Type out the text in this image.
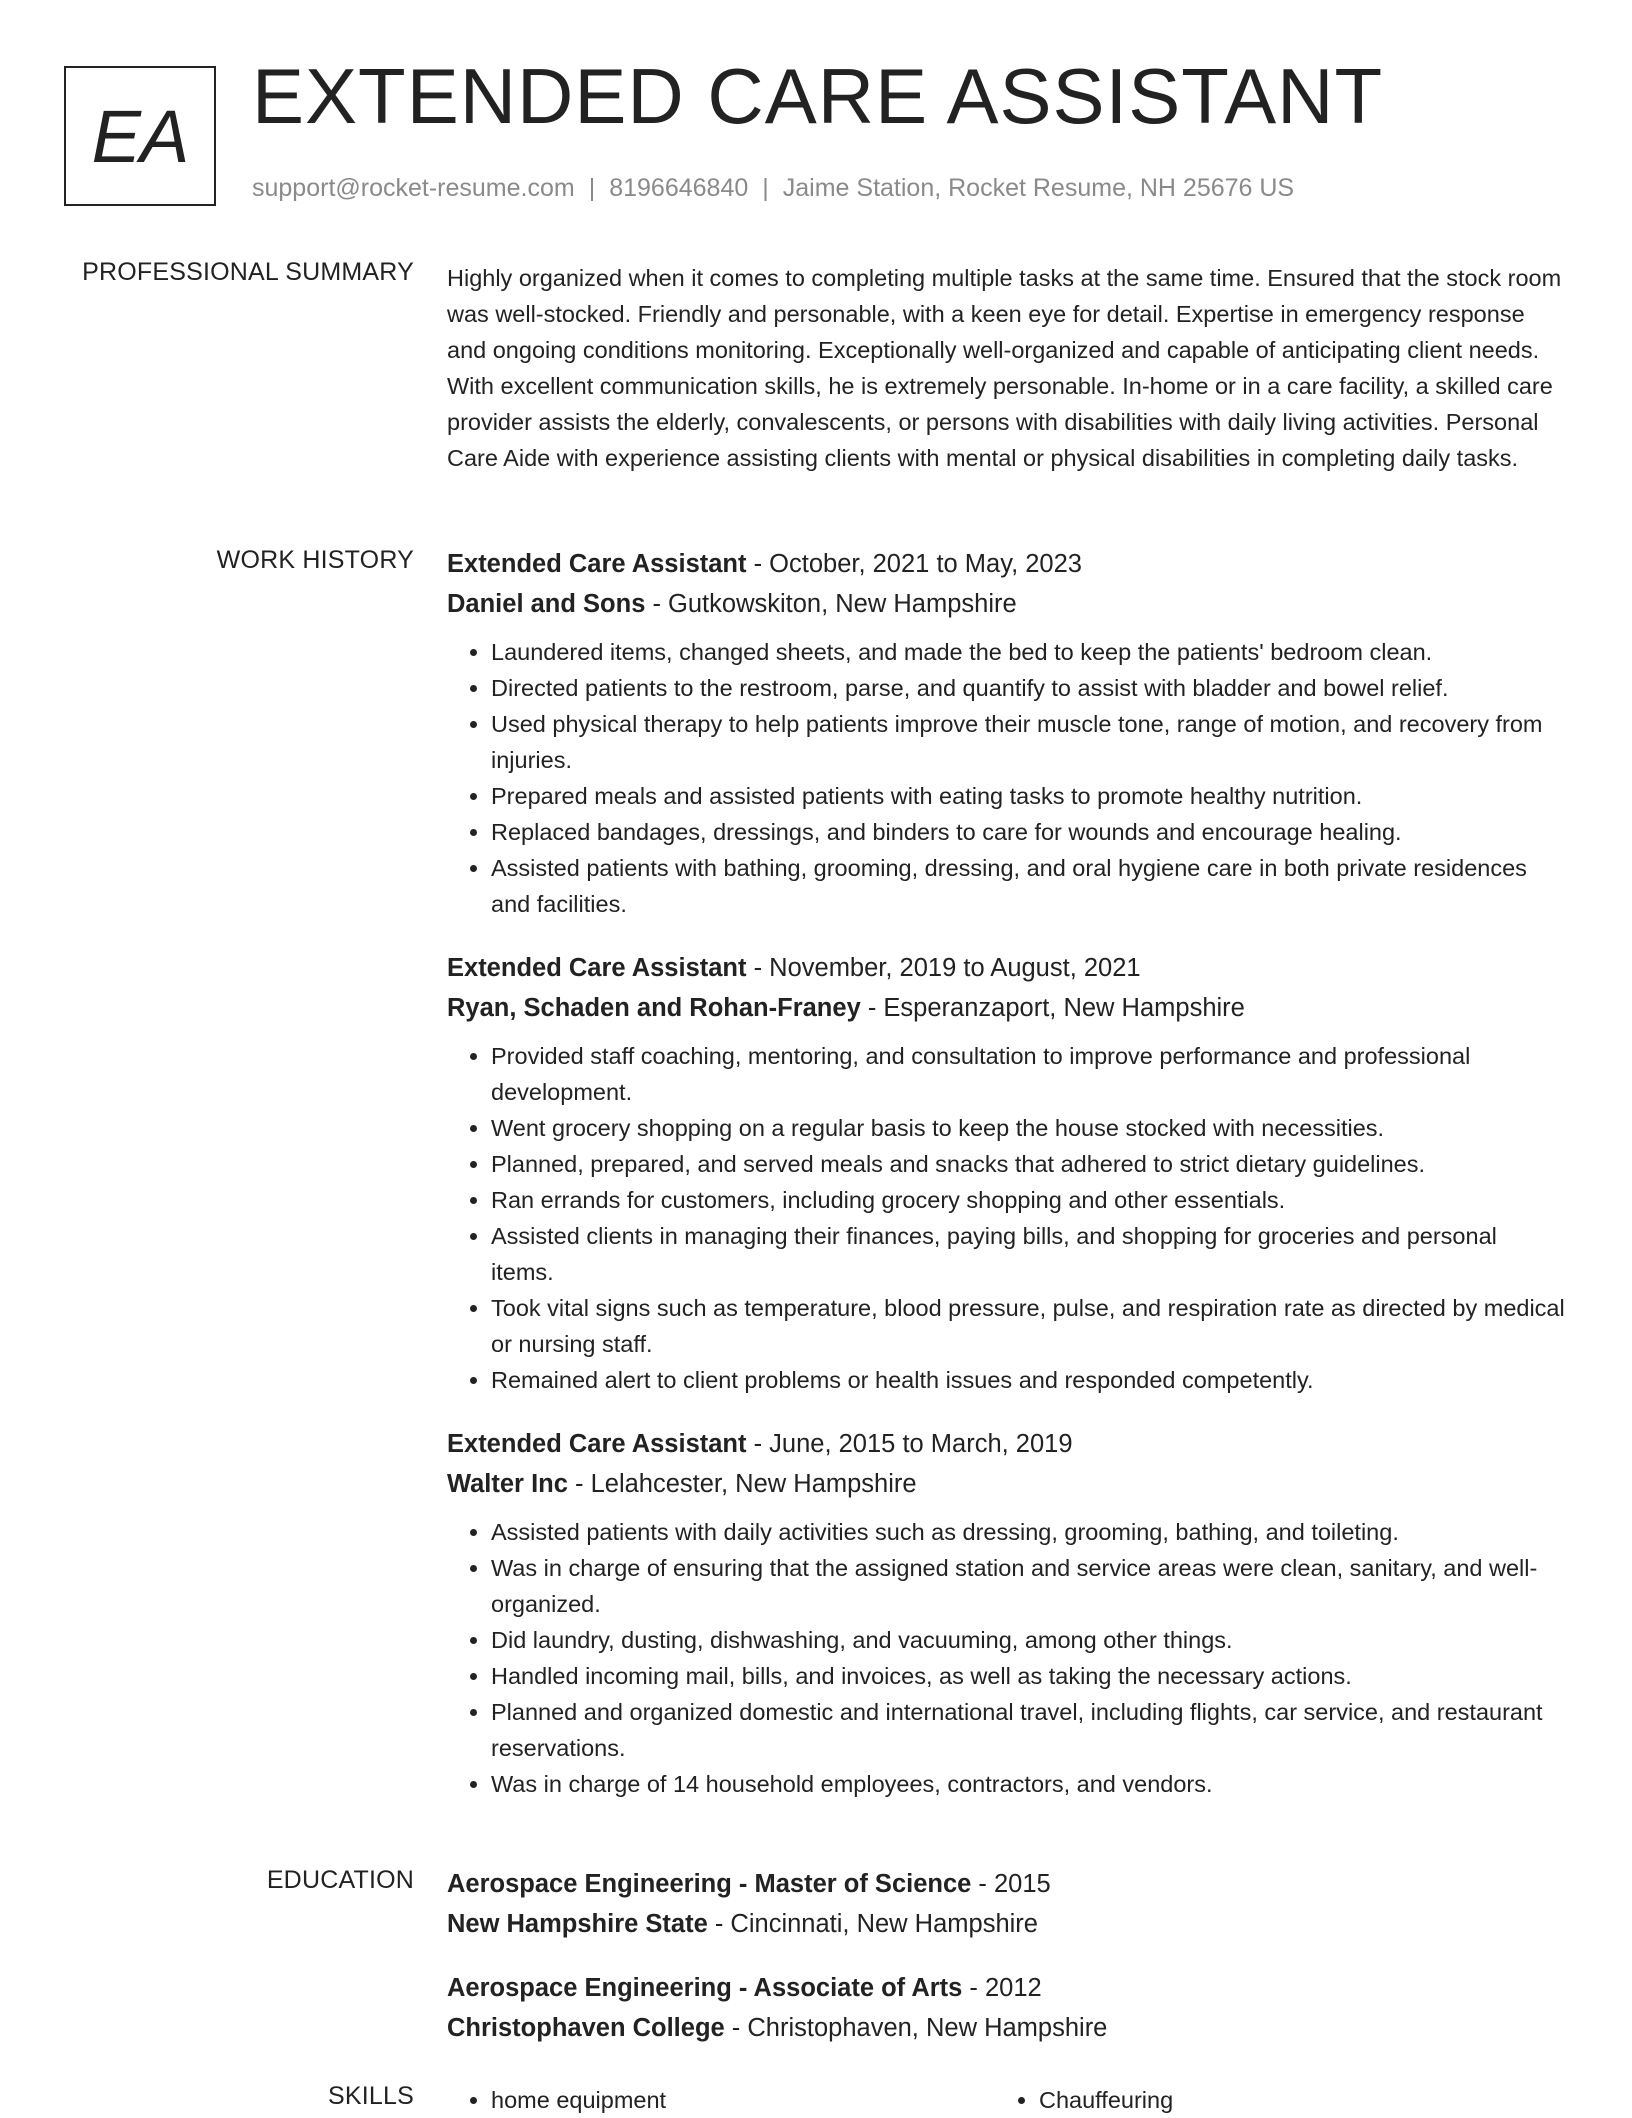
EA EXTENDED CARE ASSISTANT
support@rocket-resume.com | 8196646840 | Jaime Station, Rocket Resume, NH 25676 US
PROFESSIONAL SUMMARY Highly organized when it comes to completing multiple tasks at the same time. Ensured that the stock room was well-stocked. Friendly and personable, with a keen eye for detail. Expertise in emergency response and ongoing conditions monitoring. Exceptionally well-organized and capable of anticipating client needs. With excellent communication skills, he is extremely personable. In-home or in a care facility, a skilled care provider assists the elderly, convalescents, or persons with disabilities with daily living activities. Personal Care Aide with experience assisting clients with mental or physical disabilities in completing daily tasks.

WORK HISTORY Extended Care Assistant - October, 2021 to May, 2023
Daniel and Sons - Gutkowskiton, New Hampshire
• Laundered items, changed sheets, and made the bed to keep the patients' bedroom clean.
• Directed patients to the restroom, parse, and quantify to assist with bladder and bowel relief.
• Used physical therapy to help patients improve their muscle tone, range of motion, and recovery from injuries.
• Prepared meals and assisted patients with eating tasks to promote healthy nutrition.
• Replaced bandages, dressings, and binders to care for wounds and encourage healing.
• Assisted patients with bathing, grooming, dressing, and oral hygiene care in both private residences and facilities.
Extended Care Assistant - November, 2019 to August, 2021
Ryan, Schaden and Rohan-Franey - Esperanzaport, New Hampshire
• Provided staff coaching, mentoring, and consultation to improve performance and professional development.
• Went grocery shopping on a regular basis to keep the house stocked with necessities.
• Planned, prepared, and served meals and snacks that adhered to strict dietary guidelines.
• Ran errands for customers, including grocery shopping and other essentials.
• Assisted clients in managing their finances, paying bills, and shopping for groceries and personal items.
• Took vital signs such as temperature, blood pressure, pulse, and respiration rate as directed by medical or nursing staff.
• Remained alert to client problems or health issues and responded competently.
Extended Care Assistant - June, 2015 to March, 2019
Walter Inc - Lelahcester, New Hampshire
• Assisted patients with daily activities such as dressing, grooming, bathing, and toileting.
• Was in charge of ensuring that the assigned station and service areas were clean, sanitary, and well-organized.
• Did laundry, dusting, dishwashing, and vacuuming, among other things.
• Handled incoming mail, bills, and invoices, as well as taking the necessary actions.
• Planned and organized domestic and international travel, including flights, car service, and restaurant reservations.
• Was in charge of 14 household employees, contractors, and vendors.
EDUCATION Aerospace Engineering - Master of Science - 2015
New Hampshire State - Cincinnati, New Hampshire
Aerospace Engineering - Associate of Arts - 2012
Christophaven College - Christophaven, New Hampshire
SKILLS	• home equipment	• Chauffeuring
